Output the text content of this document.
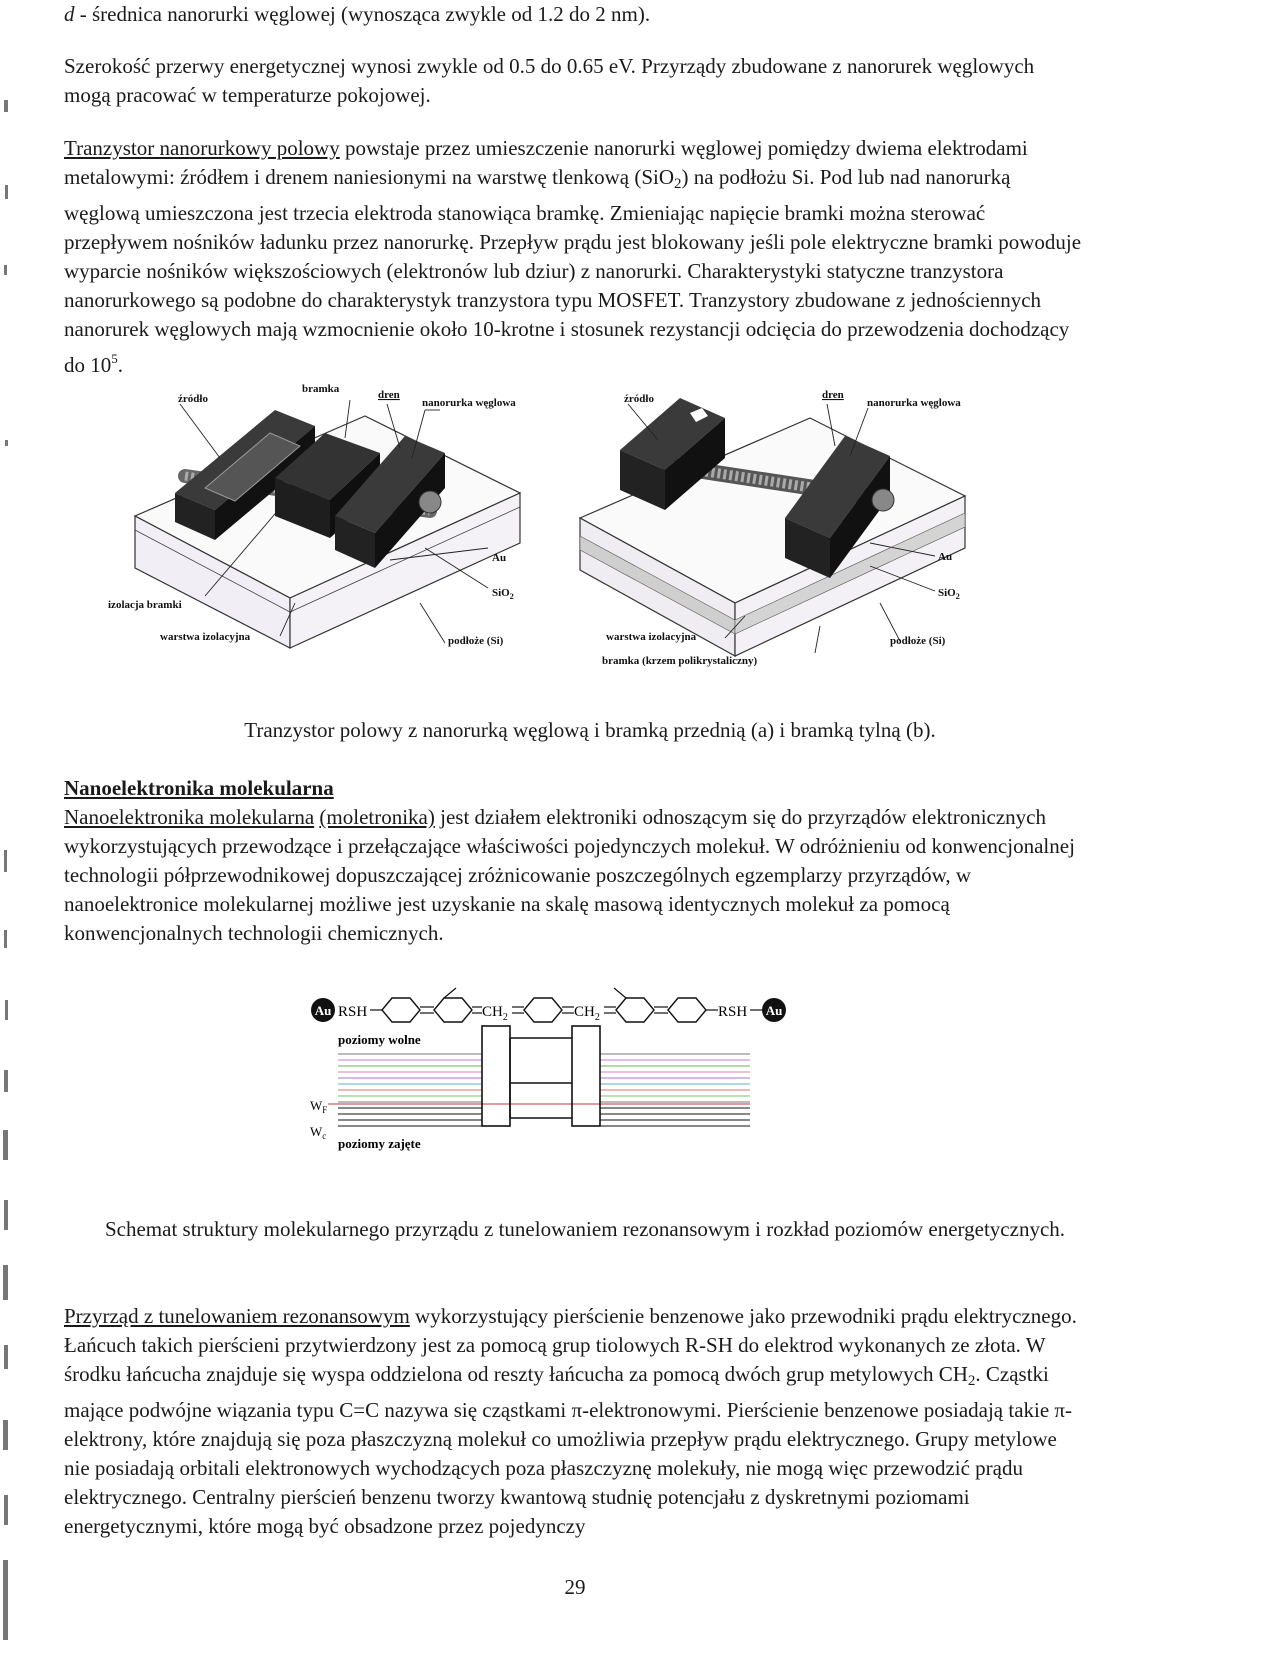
d - średnica nanorurki węglowej (wynosząca zwykle od 1.2 do 2 nm).

Szerokość przerwy energetycznej wynosi zwykle od 0.5 do 0.65 eV. Przyrządy zbudowane z nanorurek węglowych mogą pracować w temperaturze pokojowej.

Tranzystor nanorurkowy polowy powstaje przez umieszczenie nanorurki węglowej pomiędzy dwiema elektrodami metalowymi: źródłem i drenem naniesionymi na warstwę tlenkową (SiO$_2$) na podłożu Si. Pod lub nad nanorurką węglową umieszczona jest trzecia elektroda stanowiąca bramkę. Zmieniając napięcie bramki można sterować przepływem nośników ładunku przez nanorurkę. Przepływ prądu jest blokowany jeśli pole elektryczne bramki powoduje wyparcie nośników większościowych (elektronów lub dziur) z nanorurki. Charakterystyki statyczne tranzystora nanorurkowego są podobne do charakterystyk tranzystora typu MOSFET. Tranzystory zbudowane z jednościennych nanorurek węglowych mają wzmocnienie około 10-krotne i stosunek rezystancji odcięcia do przewodzenia dochodzący do $10^5$.

źródło
bramka	dren
nanorurka węglowa
Au
SiO$_2$
izolacja bramki
warstwa izolacyjna	podłoże (Si)
źródło	dren
nanorurka węglowa
Au
SiO$_2$
warstwa izolacyjna	podłoże (Si)
bramka (krzem polikrystaliczny)
Tranzystor polowy z nanorurką węglową i bramką przednią (a) i bramką tylną (b).
Nanoelektronika molekularna

Nanoelektronika molekularna (moletronika) jest działem elektroniki odnoszącym się do przyrządów elektronicznych wykorzystujących przewodzące i przełączające właściwości pojedynczych molekuł. W odróżnieniu od konwencjonalnej technologii półprzewodnikowej dopuszczającej zróżnicowanie poszczególnych egzemplarzy przyrządów, w nanoelektronice molekularnej możliwe jest uzyskanie na skalę masową identycznych molekuł za pomocą konwencjonalnych technologii chemicznych.

Au RSH	$CH_2$	$CH_2$	RSH Au
poziomy wolne
$W_F$
$W_c$ poziomy zajęte
Schemat struktury molekularnego przyrządu z tunelowaniem rezonansowym i rozkład poziomów energetycznych.

Przyrząd z tunelowaniem rezonansowym wykorzystujący pierścienie benzenowe jako przewodniki prądu elektrycznego. Łańcuch takich pierścieni przytwierdzony jest za pomocą grup tiolowych R-SH do elektrod wykonanych ze złota. W środku łańcucha znajduje się wyspa oddzielona od reszty łańcucha za pomocą dwóch grup metylowych $CH_2$. Cząstki mające podwójne wiązania typu C=C nazywa się cząstkami π-elektronowymi. Pierścienie benzenowe posiadają takie π-elektrony, które znajdują się poza płaszczyzną molekuł co umożliwia przepływ prądu elektrycznego. Grupy metylowe nie posiadają orbitali elektronowych wychodzących poza płaszczyznę molekuły, nie mogą więc przewodzić prądu elektrycznego. Centralny pierścień benzenu tworzy kwantową studnię potencjału z dyskretnymi poziomami energetycznymi, które mogą być obsadzone przez pojedynczy

29
